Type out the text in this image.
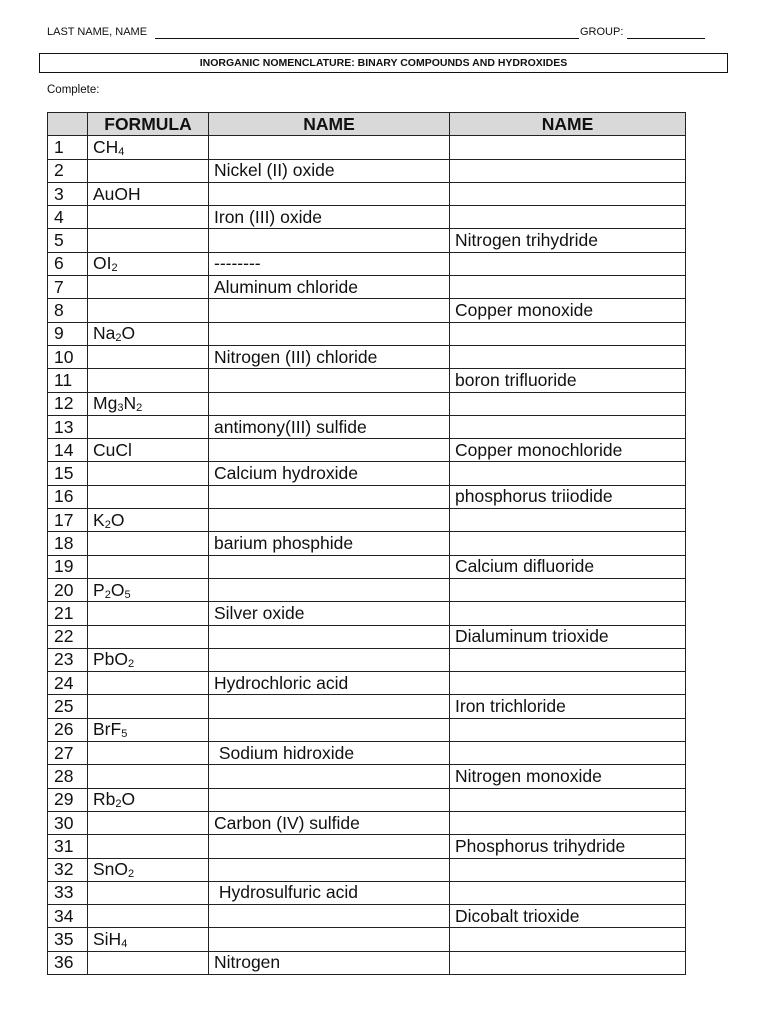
LAST NAME, NAME	GROUP:
INORGANIC NOMENCLATURE: BINARY COMPOUNDS AND HYDROXIDES
Complete:
	FORMULA	NAME	NAME
1	$CH_4$		
2		Nickel (II) oxide	
3	AuOH		
4		Iron (III) oxide	
5			Nitrogen trihydride
6	$OI_2$	--------	
7		Aluminum chloride	
8			Copper monoxide
9	$Na_2O$		
10		Nitrogen (III) chloride	
11			boron trifluoride
12	$Mg_3N_2$		
13		antimony(III) sulfide	
14	CuCl		Copper monochloride
15		Calcium hydroxide	
16			phosphorus triiodide
17	$K_2O$		
18		barium phosphide	
19			Calcium difluoride
20	$P_2O_5$		
21		Silver oxide	
22			Dialuminum trioxide
23	PbO$_2$		
24		Hydrochloric acid	
25			Iron trichloride
26	BrF$_5$		
27		Sodium hidroxide	
28			Nitrogen monoxide
29	$Rb_2O$		
30		Carbon (IV) sulfide	
31			Phosphorus trihydride
32	SnO$_2$		
33		Hydrosulfuric acid	
34			Dicobalt trioxide
35	SiH$_4$		
36		Nitrogen	
